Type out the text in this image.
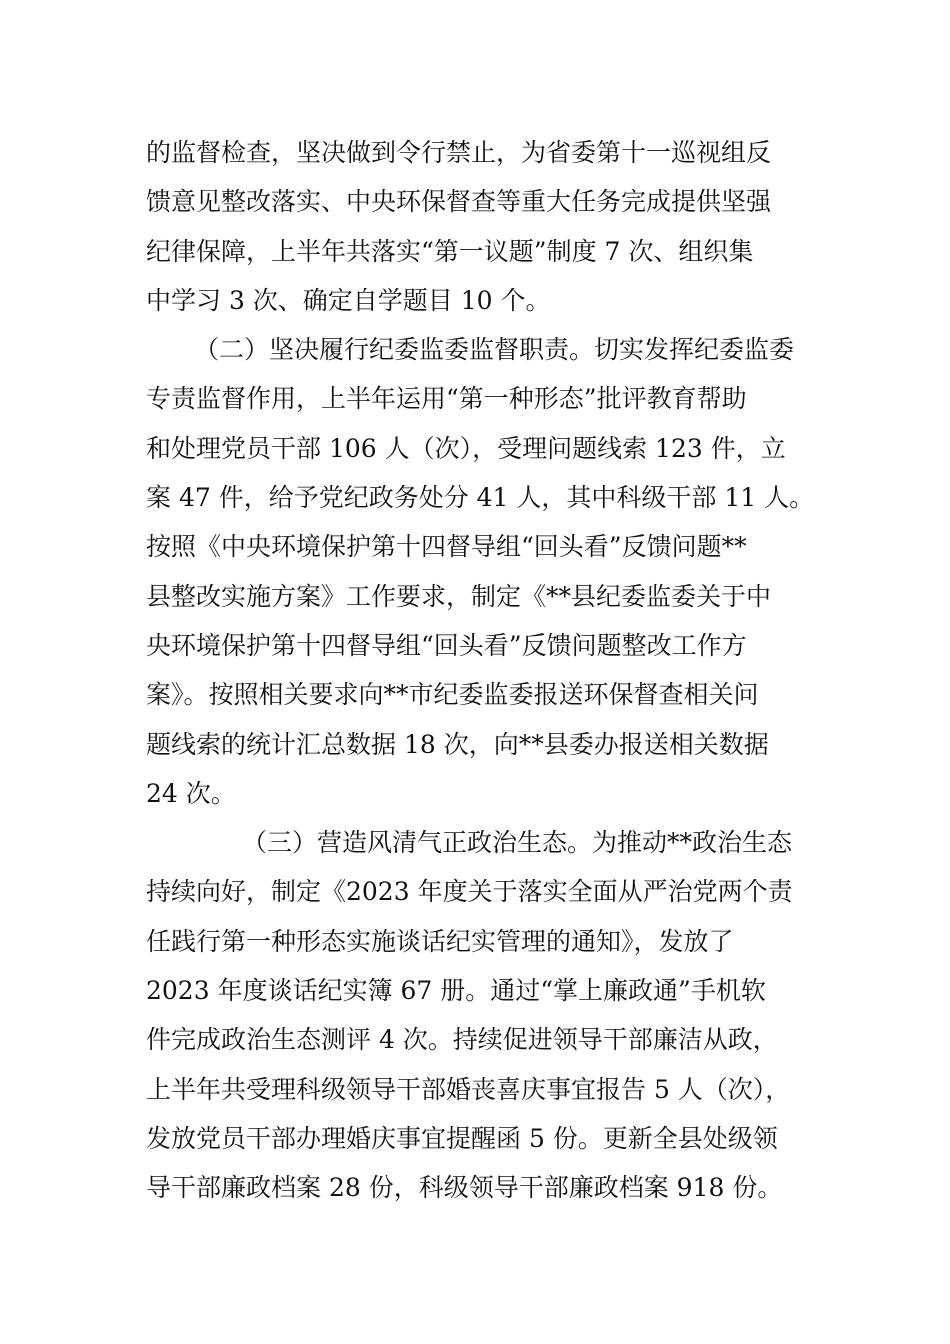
的监督检查，坚决做到令行禁止，为省委第十一巡视组反
馈意见整改落实、中央环保督查等重大任务完成提供坚强
纪律保障，上半年共落实“第一议题”制度 7 次、组织集
中学习 3 次、确定自学题目 10 个。
（二）坚决履行纪委监委监督职责。切实发挥纪委监委
专责监督作用，上半年运用“第一种形态”批评教育帮助
和处理党员干部 106 人（次），受理问题线索 123 件，立
案 47 件，给予党纪政务处分 41 人，其中科级干部 11 人。
按照《中央环境保护第十四督导组“回头看”反馈问题**
县整改实施方案》工作要求，制定《**县纪委监委关于中
央环境保护第十四督导组“回头看”反馈问题整改工作方
案》。按照相关要求向**市纪委监委报送环保督查相关问
题线索的统计汇总数据 18 次，向**县委办报送相关数据
24 次。
（三）营造风清气正政治生态。为推动**政治生态
持续向好，制定《2023 年度关于落实全面从严治党两个责
任践行第一种形态实施谈话纪实管理的通知》，发放了
2023 年度谈话纪实簿 67 册。通过“掌上廉政通”手机软
件完成政治生态测评 4 次。持续促进领导干部廉洁从政，
上半年共受理科级领导干部婚丧喜庆事宜报告 5 人（次），
发放党员干部办理婚庆事宜提醒函 5 份。更新全县处级领
导干部廉政档案 28 份，科级领导干部廉政档案 918 份。
